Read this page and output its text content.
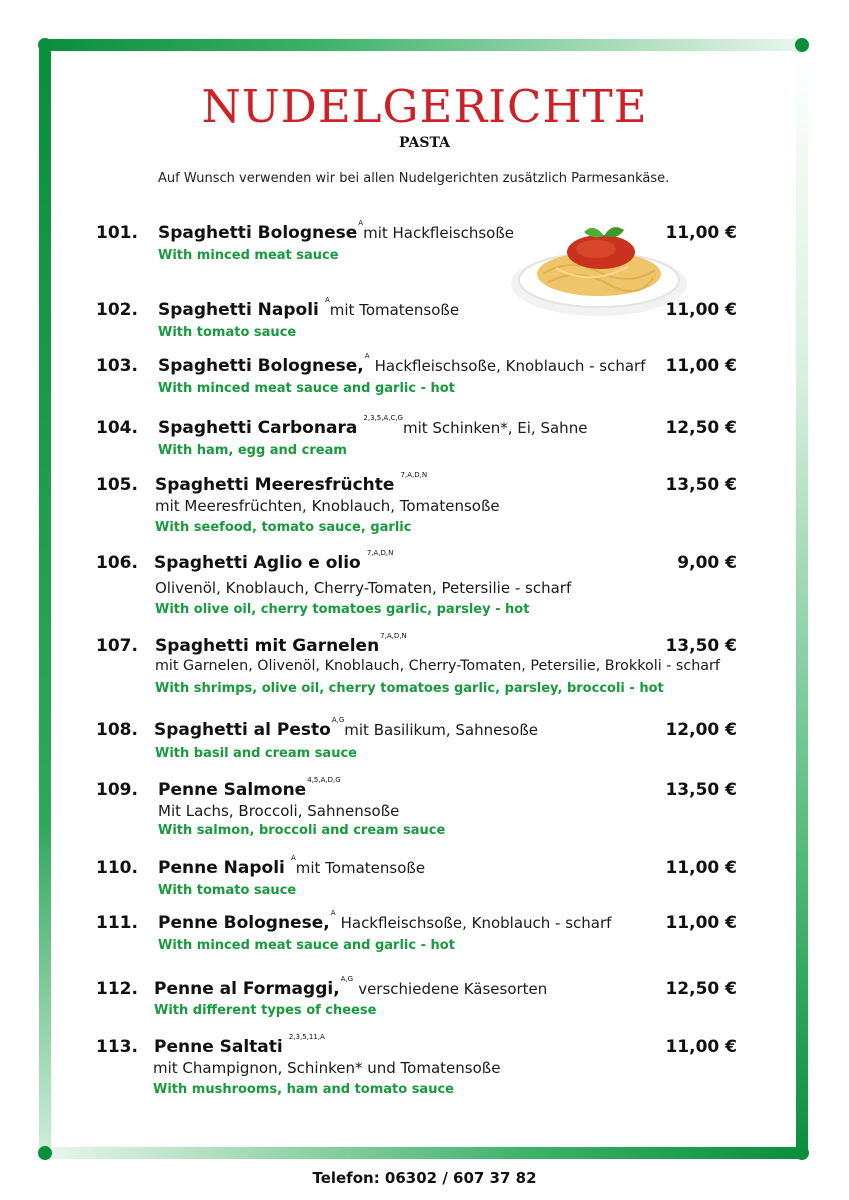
NUDELGERICHTE
PASTA
Auf Wunsch verwenden wir bei allen Nudelgerichten zusätzlich Parmesankäse.
101. Spaghetti Bolognese$^A$mit Hackfleischsoße
With minced meat sauce
11,00 €
102. Spaghetti Napoli $^A$mit Tomatensoße
With tomato sauce
11,00 €
103. Spaghetti Bolognese,$^A$ Hackfleischsoße, Knoblauch - scharf
With minced meat sauce and garlic - hot
11,00 €
104. Spaghetti Carbonara $^{2,3,5,A,C,G}$mit Schinken*, Ei, Sahne
With ham, egg and cream
12,50 €
105. Spaghetti Meeresfrüchte $^{7,A,D,N}$
mit Meeresfrüchten, Knoblauch, Tomatensoße
With seefood, tomato sauce, garlic
13,50 €
106. Spaghetti Aglio e olio $^{7,A,D,N}$
Olivenöl, Knoblauch, Cherry-Tomaten, Petersilie - scharf
With olive oil, cherry tomatoes garlic, parsley - hot
9,00 €
107. Spaghetti mit Garnelen$^{7,A,D,N}$
mit Garnelen, Olivenöl, Knoblauch, Cherry-Tomaten, Petersilie, Brokkoli - scharf
With shrimps, olive oil, cherry tomatoes garlic, parsley, broccoli - hot
13,50 €
108. Spaghetti al Pesto$^{A,G}$mit Basilikum, Sahnesoße
With basil and cream sauce
12,00 €
109. Penne Salmone$^{4,5,A,D,G}$
Mit Lachs, Broccoli, Sahnensoße
With salmon, broccoli and cream sauce
13,50 €
110. Penne Napoli $^A$mit Tomatensoße
With tomato sauce
11,00 €
111. Penne Bolognese,$^A$ Hackfleischsoße, Knoblauch - scharf
With minced meat sauce and garlic - hot
11,00 €
112. Penne al Formaggi,$^{A,G}$ verschiedene Käsesorten
With different types of cheese
12,50 €
113. Penne Saltati $^{2,3,5,11,A}$
mit Champignon, Schinken* und Tomatensoße
With mushrooms, ham and tomato sauce
11,00 €
Telefon: 06302 / 607 37 82
